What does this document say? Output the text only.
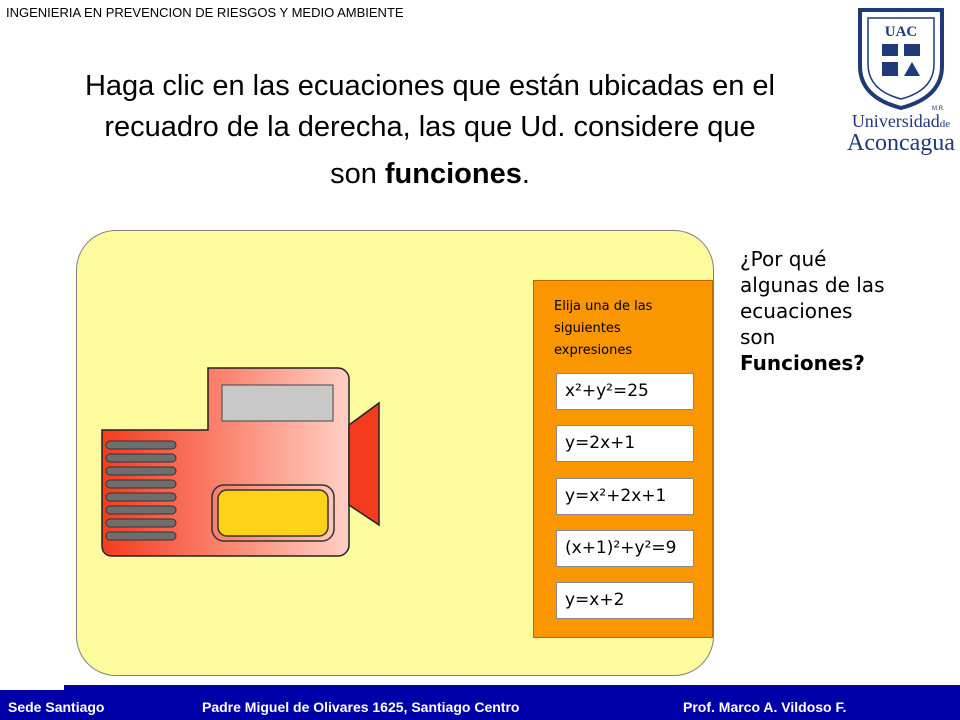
INGENIERIA EN PREVENCION DE RIESGOS Y MEDIO AMBIENTE
Haga clic en las ecuaciones que están ubicadas en el
recuadro de la derecha, las que Ud. considere que
son funciones.
UAC
M.R.
Universidadde
Aconcagua
Elija una de las
siguientes
expresiones
x²+y²=25
y=2x+1
y=x²+2x+1
(x+1)²+y²=9
y=x+2
¿Por qué
algunas de las
ecuaciones
son
Funciones?
Sede Santiago	Padre Miguel de Olivares 1625, Santiago Centro	Prof. Marco A. Vildoso F.
